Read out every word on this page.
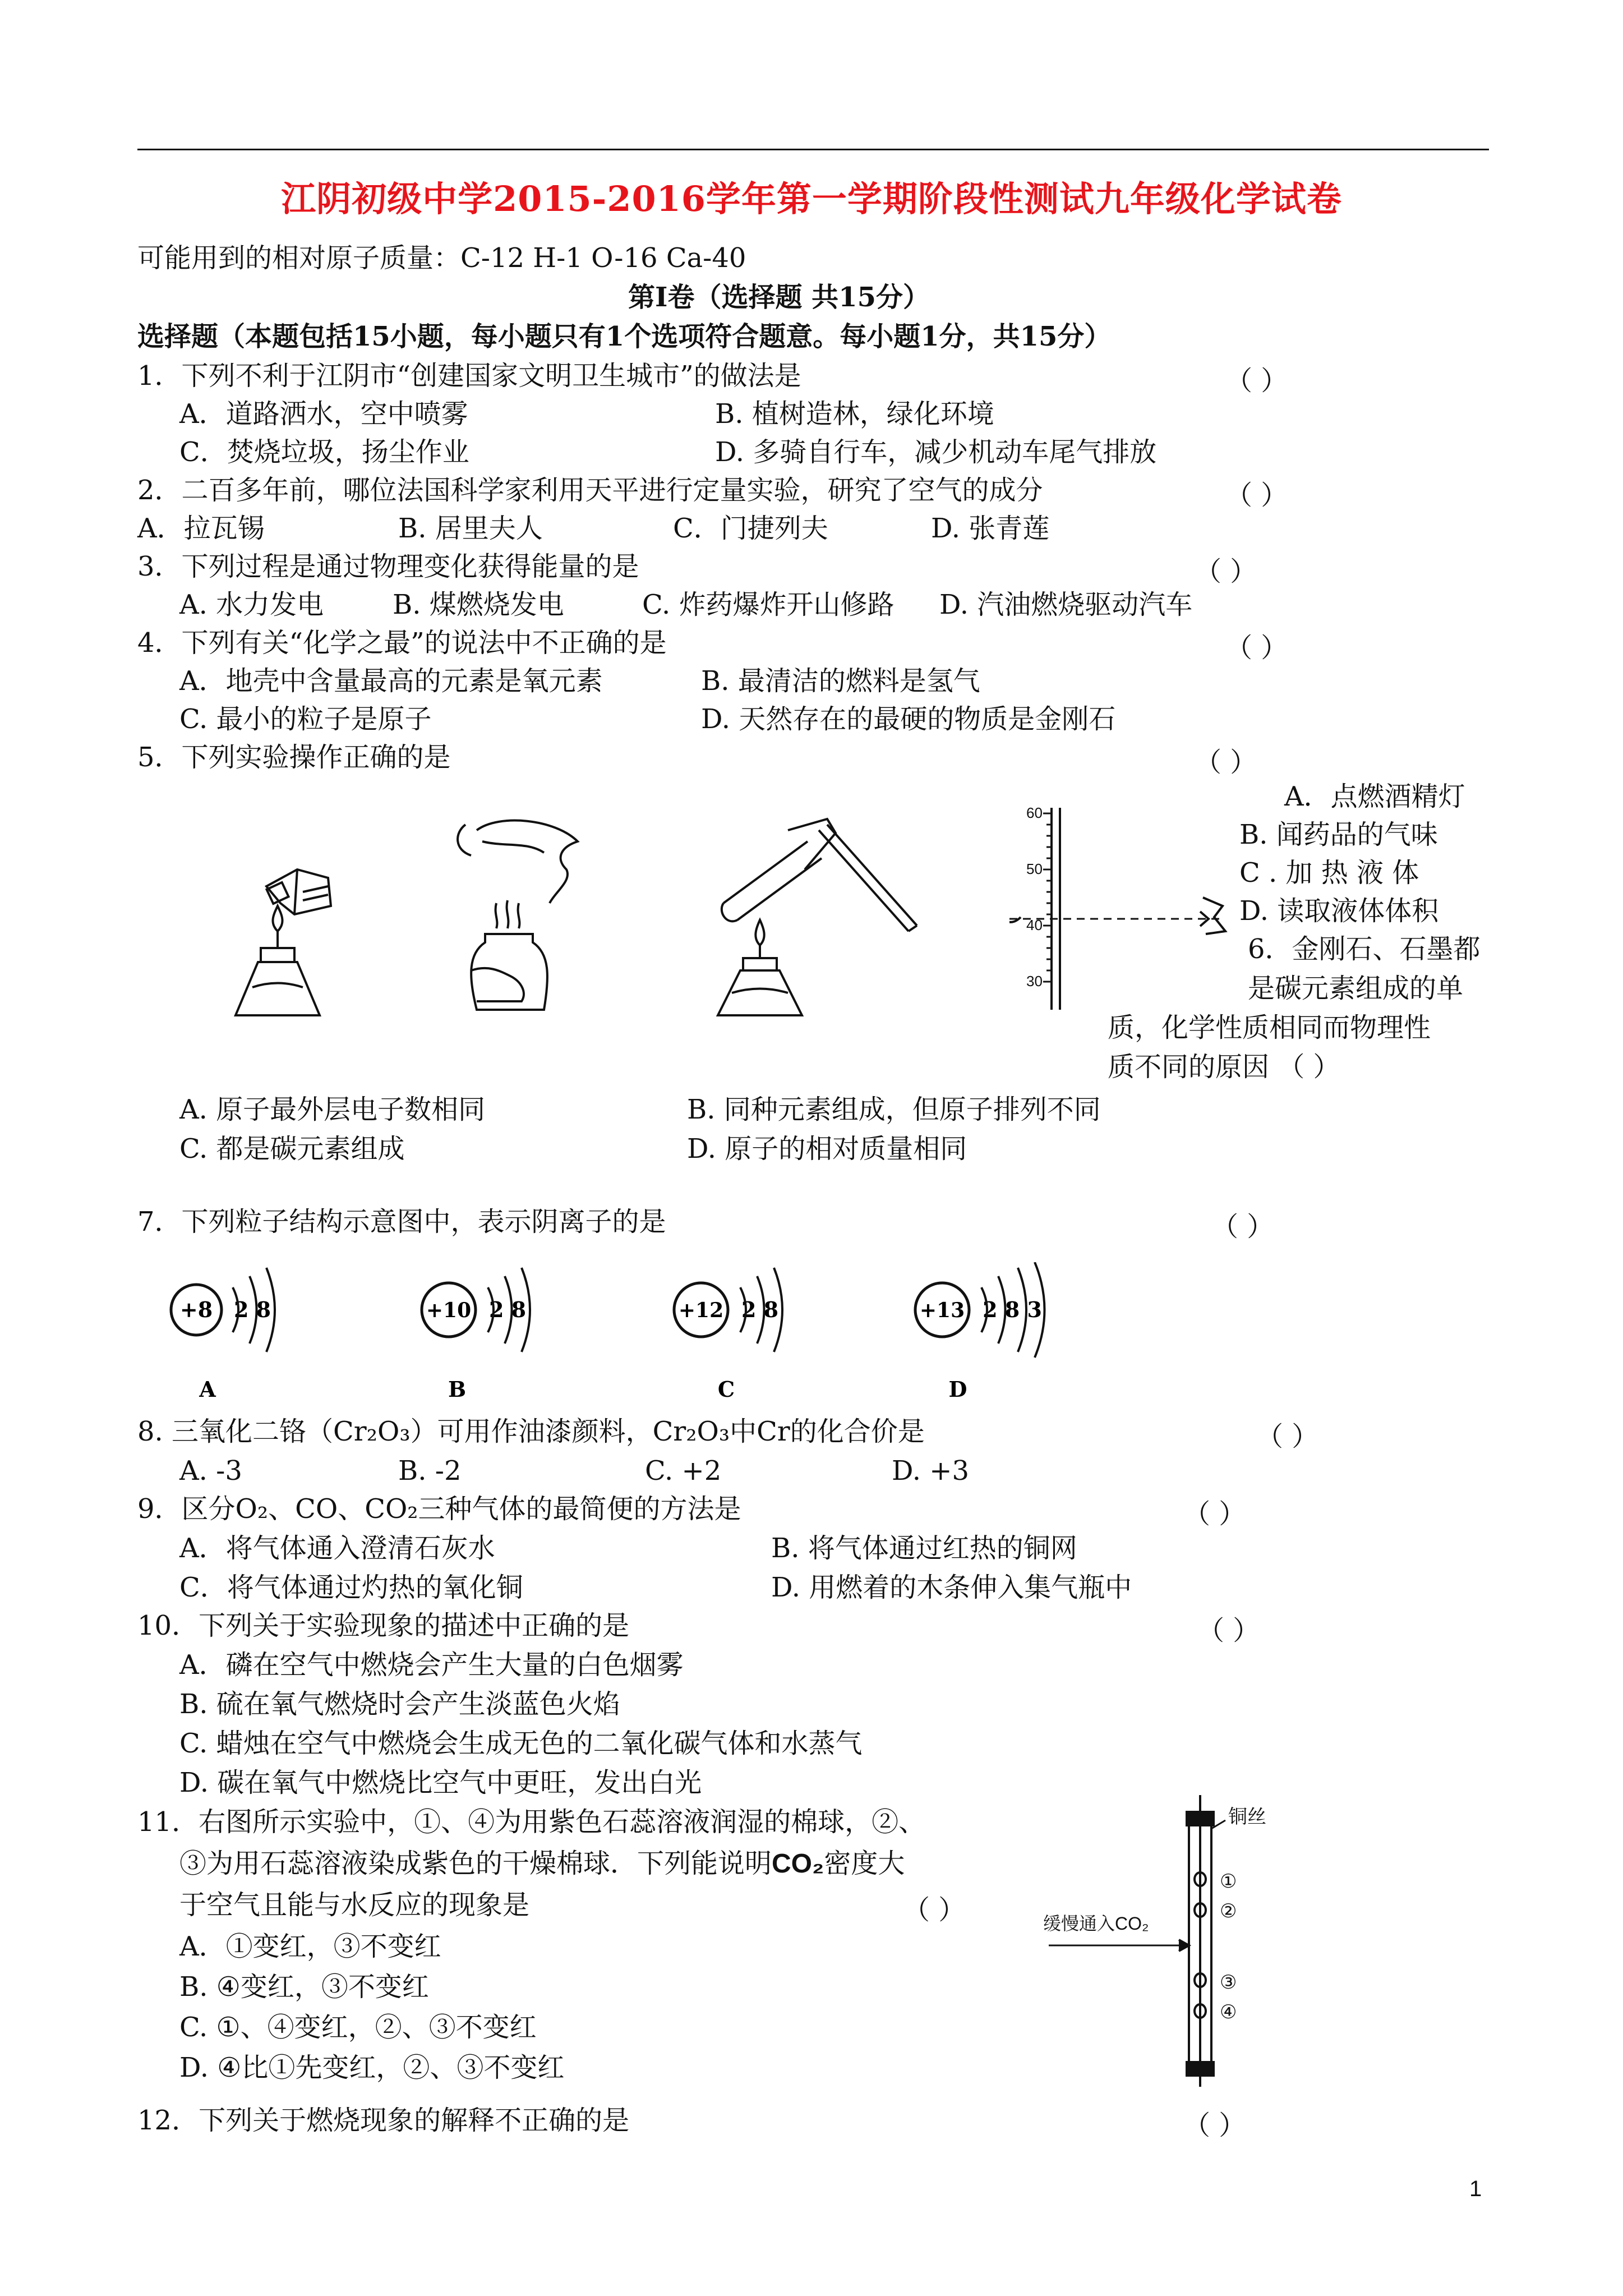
江阴初级中学2015-2016学年第一学期阶段性测试九年级化学试卷
可能用到的相对原子质量：C-12 H-1 O-16 Ca-40
第Ⅰ卷（选择题 共15分）
选择题（本题包括15小题，每小题只有1个选项符合题意。每小题1分，共15分）
1．下列不利于江阴市“创建国家文明卫生城市”的做法是	（ ）
A．道路洒水，空中喷雾	B. 植树造林，绿化环境
C．焚烧垃圾，扬尘作业	D. 多骑自行车，减少机动车尾气排放
2．二百多年前，哪位法国科学家利用天平进行定量实验，研究了空气的成分	（ ）
A．拉瓦锡	B. 居里夫人	C．门捷列夫	D. 张青莲
3．下列过程是通过物理变化获得能量的是	（ ）
A. 水力发电	B. 煤燃烧发电	C. 炸药爆炸开山修路 D. 汽油燃烧驱动汽车
4．下列有关“化学之最”的说法中不正确的是	（ ）
A．地壳中含量最高的元素是氧元素	B. 最清洁的燃料是氢气
C. 最小的粒子是原子	D. 天然存在的最硬的物质是金刚石
5．下列实验操作正确的是	（ ）
A．点燃酒精灯
B. 闻药品的气味
C . 加 热 液 体
D. 读取液体体积
60
50
40
30
6．金刚石、石墨都
是碳元素组成的单
质，化学性质相同而物理性
质不同的原因 （ ）
A. 原子最外层电子数相同	B. 同种元素组成，但原子排列不同
C. 都是碳元素组成	D. 原子的相对质量相同
7．下列粒子结构示意图中，表示阴离子的是	（ ）
+8 2 8
A
+10 2 8
B
+12 2 8
C
+13 2 8 3
D
8. 三氧化二铬（Cr₂O₃）可用作油漆颜料，Cr₂O₃中Cr的化合价是	（ ）
A. -3	B. -2	C. +2	D. +3
9．区分O₂、CO、CO₂三种气体的最简便的方法是	（ ）
A．将气体通入澄清石灰水	B. 将气体通过红热的铜网
C．将气体通过灼热的氧化铜	D. 用燃着的木条伸入集气瓶中
10．下列关于实验现象的描述中正确的是	（ ）
A．磷在空气中燃烧会产生大量的白色烟雾
B. 硫在氧气燃烧时会产生淡蓝色火焰
C. 蜡烛在空气中燃烧会生成无色的二氧化碳气体和水蒸气
D. 碳在氧气中燃烧比空气中更旺，发出白光
11．右图所示实验中，①、④为用紫色石蕊溶液润湿的棉球，②、
③为用石蕊溶液染成紫色的干燥棉球．下列能说明CO₂密度大
于空气且能与水反应的现象是	（ ）
A．①变红，③不变红
B. ④变红，③不变红
C. ①、④变红，②、③不变红
D. ④比①先变红，②、③不变红
铜丝
缓慢通入CO₂
①
②
③
④
12．下列关于燃烧现象的解释不正确的是	（ ）
1
